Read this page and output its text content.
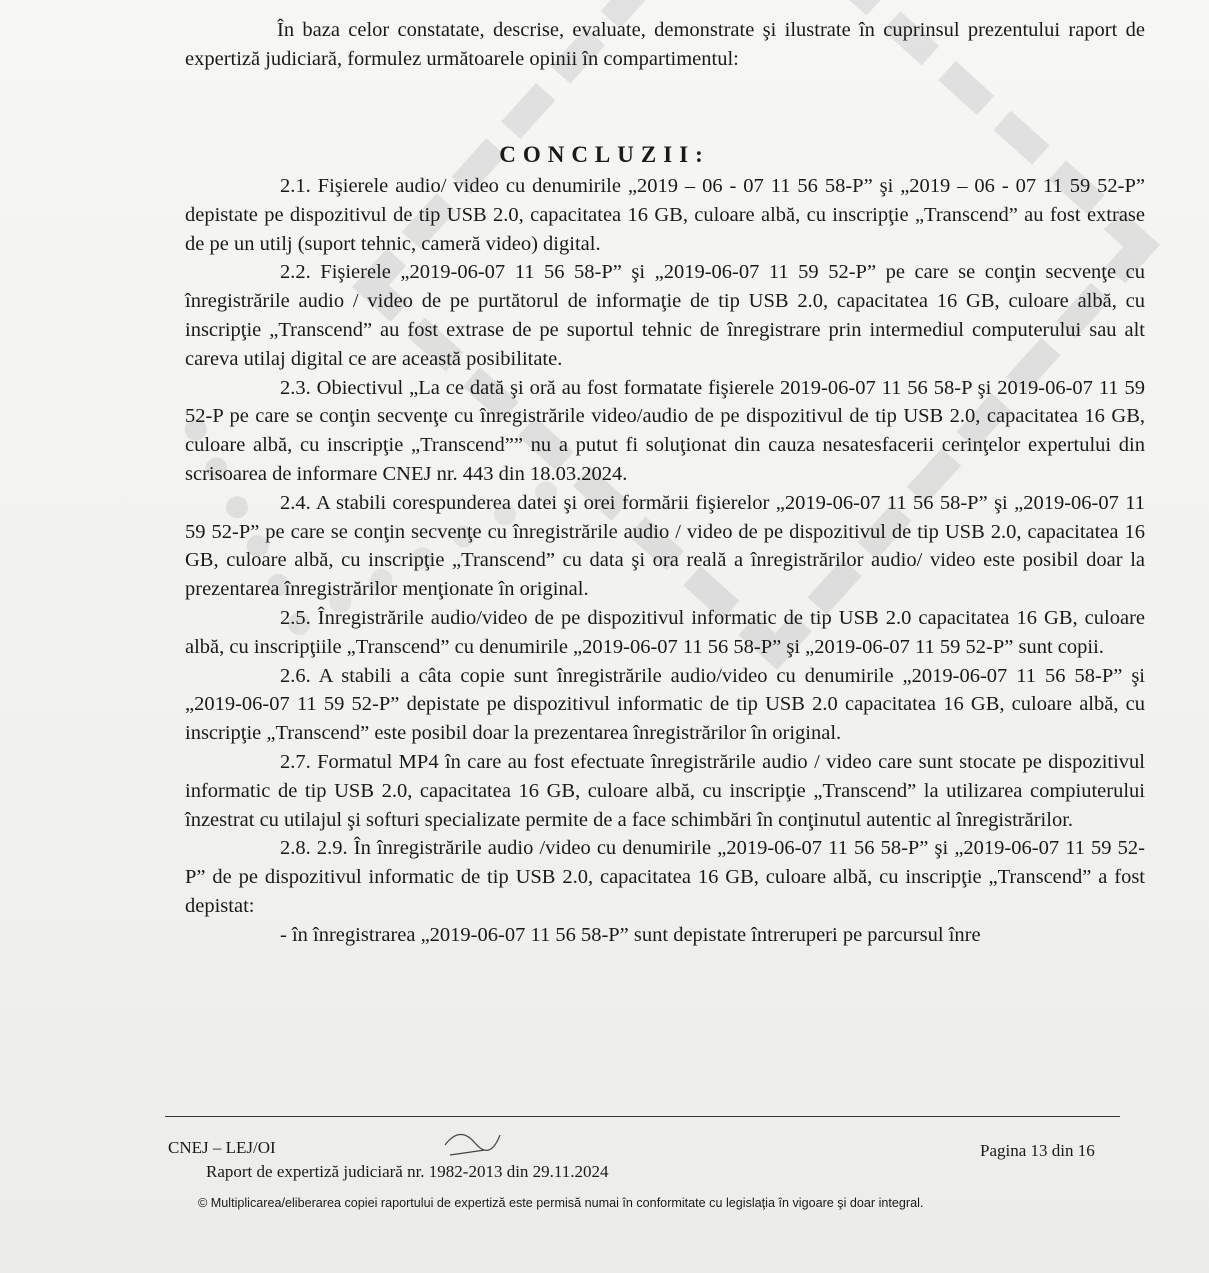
În baza celor constatate, descrise, evaluate, demonstrate şi ilustrate în cuprinsul prezentului raport de expertiză judiciară, formulez următoarele opinii în compartimentul:
CONCLUZII:

2.1. Fişierele audio/ video cu denumirile „2019 – 06 - 07 11 56 58-P” şi „2019 – 06 - 07 11 59 52-P” depistate pe dispozitivul de tip USB 2.0, capacitatea 16 GB, culoare albă, cu inscripţie „Transcend” au fost extrase de pe un utilj (suport tehnic, cameră video) digital.

2.2. Fişierele „2019-06-07 11 56 58-P” şi „2019-06-07 11 59 52-P” pe care se conţin secvenţe cu înregistrările audio / video de pe purtătorul de informaţie de tip USB 2.0, capacitatea 16 GB, culoare albă, cu inscripţie „Transcend” au fost extrase de pe suportul tehnic de înregistrare prin intermediul computerului sau alt careva utilaj digital ce are această posibilitate.

2.3. Obiectivul „La ce dată şi oră au fost formatate fişierele 2019-06-07 11 56 58-P şi 2019-06-07 11 59 52-P pe care se conţin secvenţe cu înregistrările video/audio de pe dispozitivul de tip USB 2.0, capacitatea 16 GB, culoare albă, cu inscripţie „Transcend”” nu a putut fi soluţionat din cauza nesatesfacerii cerinţelor expertului din scrisoarea de informare CNEJ nr. 443 din 18.03.2024.

2.4. A stabili corespunderea datei şi orei formării fişierelor „2019-06-07 11 56 58-P” şi „2019-06-07 11 59 52-P” pe care se conţin secvenţe cu înregistrările audio / video de pe dispozitivul de tip USB 2.0, capacitatea 16 GB, culoare albă, cu inscripţie „Transcend” cu data şi ora reală a înregistrărilor audio/ video este posibil doar la prezentarea înregistrărilor menţionate în original.

2.5. Înregistrările audio/video de pe dispozitivul informatic de tip USB 2.0 capacitatea 16 GB, culoare albă, cu inscripţiile „Transcend” cu denumirile „2019-06-07 11 56 58-P” şi „2019-06-07 11 59 52-P” sunt copii.

2.6. A stabili a câta copie sunt înregistrările audio/video cu denumirile „2019-06-07 11 56 58-P” şi „2019-06-07 11 59 52-P” depistate pe dispozitivul informatic de tip USB 2.0 capacitatea 16 GB, culoare albă, cu inscripţie „Transcend” este posibil doar la prezentarea înregistrărilor în original.

2.7. Formatul MP4 în care au fost efectuate înregistrările audio / video care sunt stocate pe dispozitivul informatic de tip USB 2.0, capacitatea 16 GB, culoare albă, cu inscripţie „Transcend” la utilizarea compiuterului înzestrat cu utilajul şi softuri specializate permite de a face schimbări în conţinutul autentic al înregistrărilor.

2.8. 2.9. În înregistrările audio /video cu denumirile „2019-06-07 11 56 58-P” şi „2019-06-07 11 59 52-P” de pe dispozitivul informatic de tip USB 2.0, capacitatea 16 GB, culoare albă, cu inscripţie „Transcend” a fost depistat:

- în înregistrarea „2019-06-07 11 56 58-P” sunt depistate întreruperi pe parcursul înre

CNEJ – LEJ/OI
Raport de expertiză judiciară nr. 1982-2013 din 29.11.2024
Pagina 13 din 16
© Multiplicarea/eliberarea copiei raportului de expertiză este permisă numai în conformitate cu legislaţia în vigoare şi doar integral.
